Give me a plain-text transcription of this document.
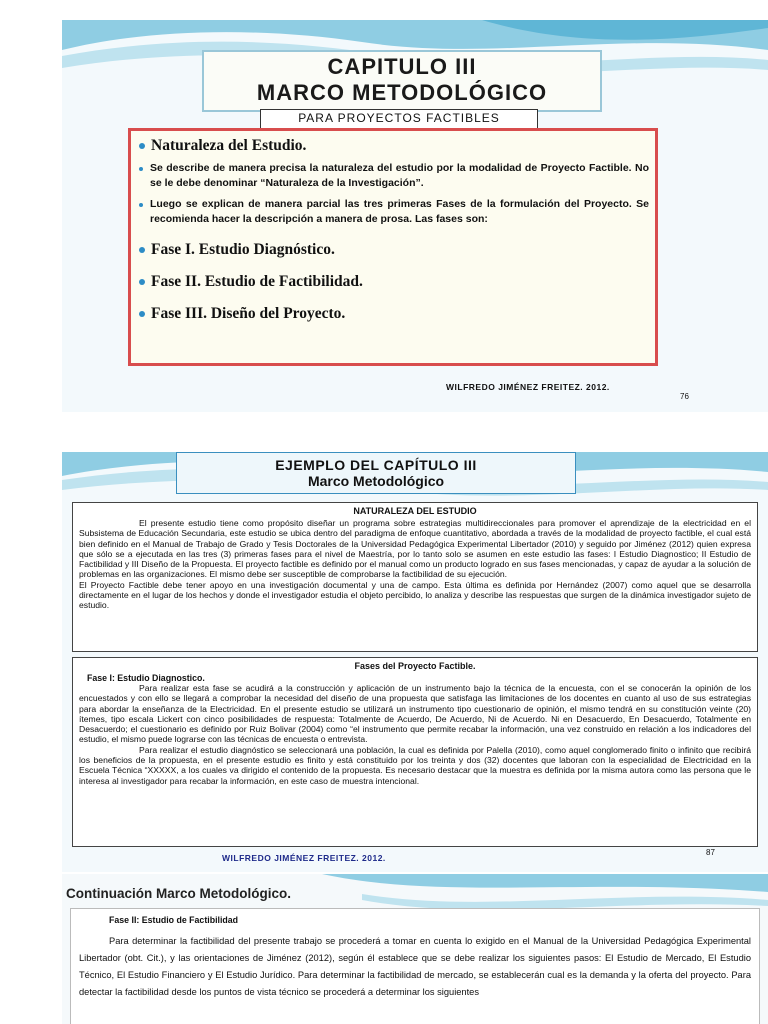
CAPITULO III
MARCO METODOLÓGICO
PARA PROYECTOS FACTIBLES
Naturaleza del Estudio.
Se describe de manera precisa la naturaleza del estudio por la modalidad de Proyecto Factible. No se le debe denominar “Naturaleza de la Investigación”.
Luego se explican de manera parcial las tres primeras Fases de la formulación del Proyecto. Se recomienda hacer la descripción a manera de prosa. Las fases son:
Fase I. Estudio Diagnóstico.
Fase II. Estudio de Factibilidad.
Fase III. Diseño del Proyecto.
WILFREDO JIMÉNEZ FREITEZ. 2012.
76
EJEMPLO DEL CAPÍTULO III
Marco Metodológico
NATURALEZA DEL ESTUDIO

El presente estudio tiene como propósito diseñar un programa sobre estrategias multidireccionales para promover el aprendizaje de la electricidad en el Subsistema de Educación Secundaria, este estudio se ubica dentro del paradigma de enfoque cuantitativo, abordada a través de la modalidad de proyecto factible, el cual está bien definido en el Manual de Trabajo de Grado y Tesis Doctorales de la Universidad Pedagógica Experimental Libertador (2010) y seguido por Jiménez (2012) quien expresa que sólo se a ejecutada en las tres (3) primeras fases para el nivel de Maestría, por lo tanto solo se asumen en este estudio las fases: I Estudio Diagnostico; II Estudio de Factibilidad y III Diseño de la Propuesta. El proyecto factible es definido por el manual como un producto logrado en sus fases mencionadas, y capaz de ayudar a la solución de problemas en las organizaciones. El mismo debe ser susceptible de comprobarse la factibilidad de su ejecución.

El Proyecto Factible debe tener apoyo en una investigación documental y una de campo. Esta última es definida por Hernández (2007) como aquel que se desarrolla directamente en el lugar de los hechos y donde el investigador estudia el objeto percibido, lo analiza y describe las respuestas que surgen de la dinámica investigador sujeto de estudio.

Fases del Proyecto Factible.
Fase I: Estudio Diagnostico.

Para realizar esta fase se acudirá a la construcción y aplicación de un instrumento bajo la técnica de la encuesta, con el se conocerán la opinión de los encuestados y con ello se llegará a comprobar la necesidad del diseño de una propuesta que satisfaga las limitaciones de los docentes en cuanto al uso de sus estrategias para abordar la enseñanza de la Electricidad. En el presente estudio se utilizará un instrumento tipo cuestionario de opinión, el mismo tendrá en su constitución veinte (20) ítemes, tipo escala Lickert con cinco posibilidades de respuesta: Totalmente de Acuerdo, De Acuerdo, Ni de Acuerdo. Ni en Desacuerdo, En Desacuerdo, Totalmente en Desacuerdo; el cuestionario es definido por Ruiz Bolivar (2004) como “el instrumento que permite recabar la información, una vez construido en relación a los indicadores del estudio, el mismo puede lograrse con las técnicas de encuesta o entrevista.

Para realizar el estudio diagnóstico se seleccionará una población, la cual es definida por Palella (2010), como aquel conglomerado finito o infinito que recibirá los beneficios de la propuesta, en el presente estudio es finito y está constituido por los treinta y dos (32) docentes que laboran con la especialidad de Electricidad en la Escuela Técnica “XXXXX, a los cuales va dirigido el contenido de la propuesta. Es necesario destacar que la muestra es definida por la misma autora como las persona que le interesa al investigador para recabar la información, en este caso de muestra intencional.

WILFREDO JIMÉNEZ FREITEZ. 2012.
87
Continuación Marco Metodológico.
Fase II: Estudio de Factibilidad

Para determinar la factibilidad del presente trabajo se procederá a tomar en cuenta lo exigido en el Manual de la Universidad Pedagógica Experimental Libertador (obt. Cit.), y las orientaciones de Jiménez (2012), según él establece que se debe realizar los siguientes pasos: El Estudio de Mercado, El Estudio Técnico, El Estudio Financiero y El Estudio Jurídico. Para determinar la factibilidad de mercado, se establecerán cual es la demanda y la oferta del proyecto. Para detectar la factibilidad desde los puntos de vista técnico se procederá a determinar los siguientes
